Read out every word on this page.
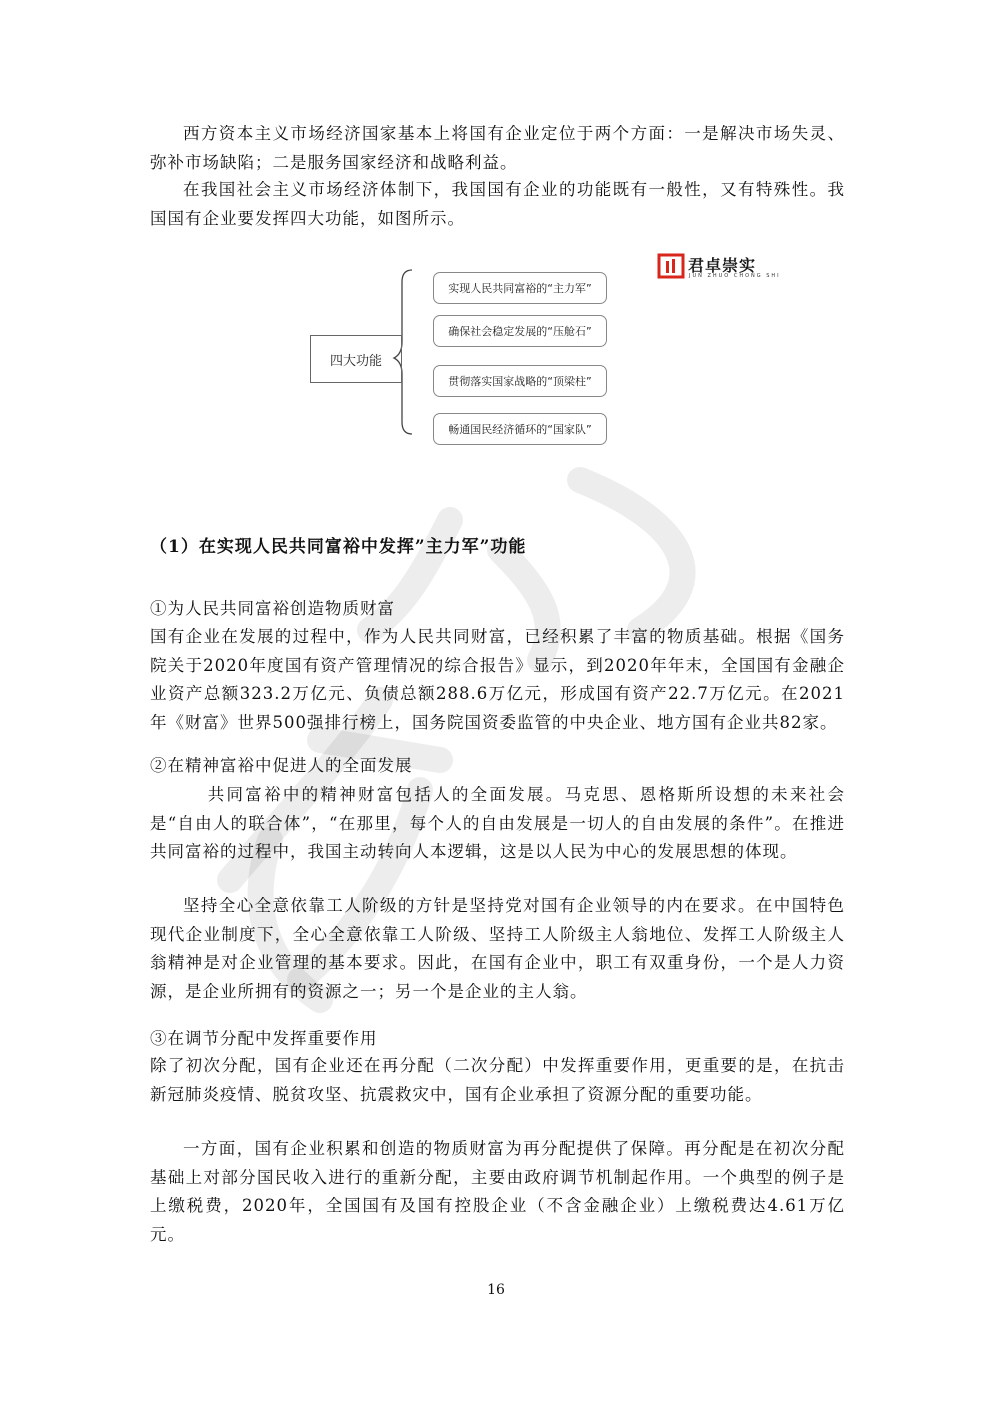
西方资本主义市场经济国家基本上将国有企业定位于两个方面：一是解决市场失灵、弥补市场缺陷；二是服务国家经济和战略利益。

在我国社会主义市场经济体制下，我国国有企业的功能既有一般性，又有特殊性。我国国有企业要发挥四大功能，如图所示。

四大功能
实现人民共同富裕的“主力军”
确保社会稳定发展的“压舱石”
贯彻落实国家战略的“顶梁柱”
畅通国民经济循环的“国家队”
君卓崇实
JUN ZHUO CHONG SHI
（1）在实现人民共同富裕中发挥”主力军”功能

①为人民共同富裕创造物质财富

国有企业在发展的过程中，作为人民共同财富，已经积累了丰富的物质基础。根据《国务院关于2020年度国有资产管理情况的综合报告》显示，到2020年年末，全国国有金融企业资产总额323.2万亿元、负债总额288.6万亿元，形成国有资产22.7万亿元。在2021年《财富》世界500强排行榜上，国务院国资委监管的中央企业、地方国有企业共82家。

②在精神富裕中促进人的全面发展

共同富裕中的精神财富包括人的全面发展。马克思、恩格斯所设想的未来社会是“自由人的联合体”，“在那里，每个人的自由发展是一切人的自由发展的条件”。在推进共同富裕的过程中，我国主动转向人本逻辑，这是以人民为中心的发展思想的体现。

坚持全心全意依靠工人阶级的方针是坚持党对国有企业领导的内在要求。在中国特色现代企业制度下，全心全意依靠工人阶级、坚持工人阶级主人翁地位、发挥工人阶级主人翁精神是对企业管理的基本要求。因此，在国有企业中，职工有双重身份，一个是人力资源，是企业所拥有的资源之一；另一个是企业的主人翁。

③在调节分配中发挥重要作用

除了初次分配，国有企业还在再分配（二次分配）中发挥重要作用，更重要的是，在抗击新冠肺炎疫情、脱贫攻坚、抗震救灾中，国有企业承担了资源分配的重要功能。

一方面，国有企业积累和创造的物质财富为再分配提供了保障。再分配是在初次分配基础上对部分国民收入进行的重新分配，主要由政府调节机制起作用。一个典型的例子是上缴税费，2020年，全国国有及国有控股企业（不含金融企业）上缴税费达4.61万亿元。

16
